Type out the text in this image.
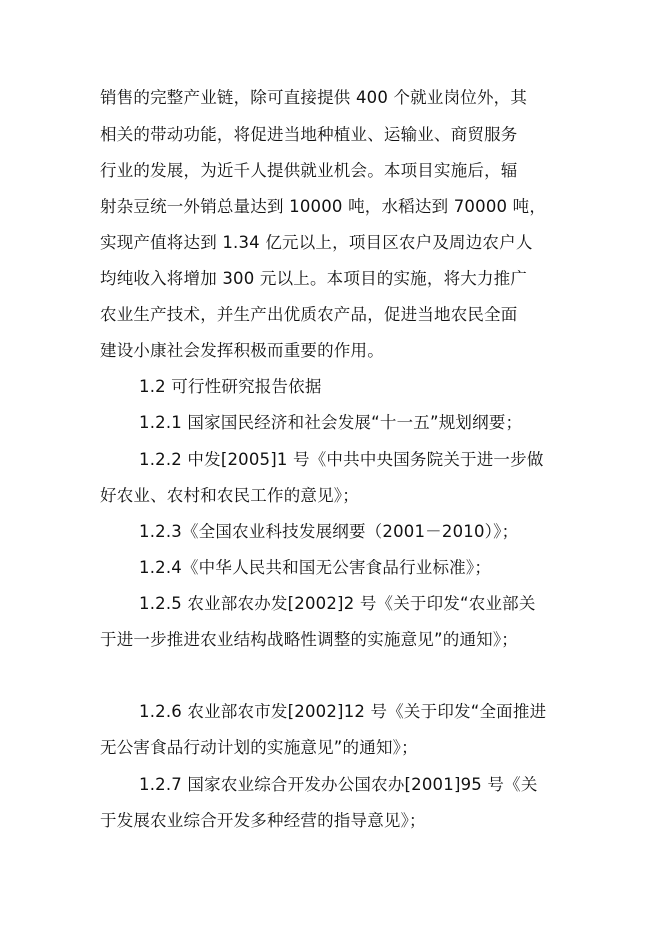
销售的完整产业链，除可直接提供 400 个就业岗位外，其
相关的带动功能，将促进当地种植业、运输业、商贸服务
行业的发展，为近千人提供就业机会。本项目实施后，辐
射杂豆统一外销总量达到 10000 吨，水稻达到 70000 吨，
实现产值将达到 1.34 亿元以上，项目区农户及周边农户人
均纯收入将增加 300 元以上。本项目的实施，将大力推广
农业生产技术，并生产出优质农产品，促进当地农民全面
建设小康社会发挥积极而重要的作用。
1.2 可行性研究报告依据
1.2.1 国家国民经济和社会发展“十一五”规划纲要；
1.2.2 中发[2005]1 号《中共中央国务院关于进一步做
好农业、农村和农民工作的意见》；
1.2.3《全国农业科技发展纲要（2001－2010）》；
1.2.4《中华人民共和国无公害食品行业标准》；
1.2.5 农业部农办发[2002]2 号《关于印发“农业部关
于进一步推进农业结构战略性调整的实施意见”的通知》；
1.2.6 农业部农市发[2002]12 号《关于印发“全面推进
无公害食品行动计划的实施意见”的通知》；
1.2.7 国家农业综合开发办公国农办[2001]95 号《关
于发展农业综合开发多种经营的指导意见》；
